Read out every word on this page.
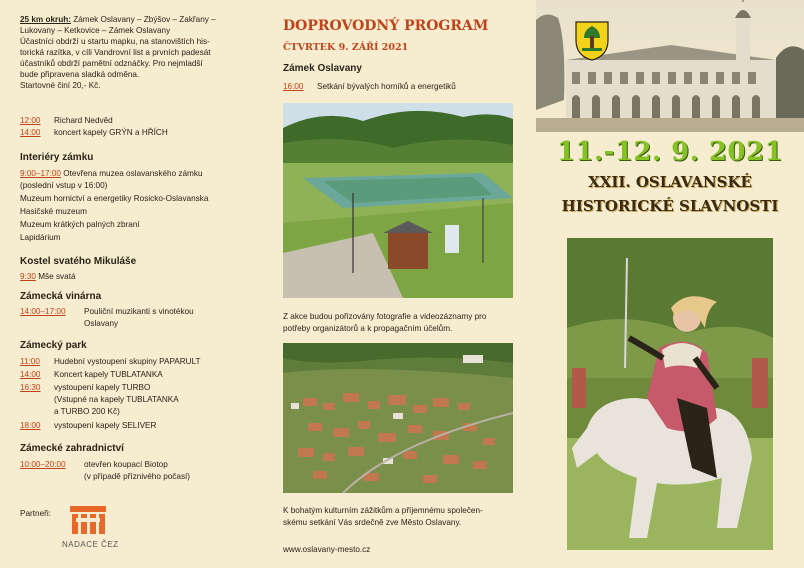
25 km okruh: Zámek Oslavany – Zbýšov – Zakřany –
Lukovany – Ketkovice – Zámek Oslavany
Účastníci obdrží u startu mapku, na stanovištích his-
torická razítka, v cíli Vandrovní list a prvních padesát
účastníků obdrží pamětní odznáčky. Pro nejmladší
bude připravena sladká odměna.
Startovné činí 20,- Kč.
12:00 Richard Nedvěd
14:00 koncert kapely GRÝN a HŘÍCH
Interiéry zámku
9:00–17:00 Otevřena muzea oslavanského zámku
(poslední vstup v 16:00)
Muzeum hornictví a energetiky Rosicko-Oslavanska
Hasičské muzeum
Muzeum krátkých palných zbraní
Lapidárium
Kostel svatého Mikuláše
9:30 Mše svatá
Zámecká vinárna
14:00–17:00 Pouliční muzikanti s vinotékou
Oslavany
Zámecký park
11:00 Hudební vystoupení skupiny PAPARULT
14:00 Koncert kapely TUBLATANKA
16:30 vystoupení kapely TURBO
(Vstupné na kapely TUBLATANKA
a TURBO 200 Kč)
18:00 vystoupení kapely SELIVER
Zámecké zahradnictví
10:00–20:00 otevřen koupací Biotop
(v případě příznivého počasí)
Partneři:
NADACE ČEZ
DOPROVODNÝ PROGRAM
ČTVRTEK 9. ZÁŘÍ 2021
Zámek Oslavany
16:00 Setkání bývalých horníků a energetiků
Z akce budou pořizovány fotografie a videozáznamy pro
potřeby organizátorů a k propagačním účelům.
K bohatým kulturním zážitkům a příjemnému společen-
skému setkání Vás srdečně zve Město Oslavany.
www.oslavany-mesto.cz
11.-12. 9. 2021
XXII. OSLAVANSKÉ
HISTORICKÉ SLAVNOSTI
